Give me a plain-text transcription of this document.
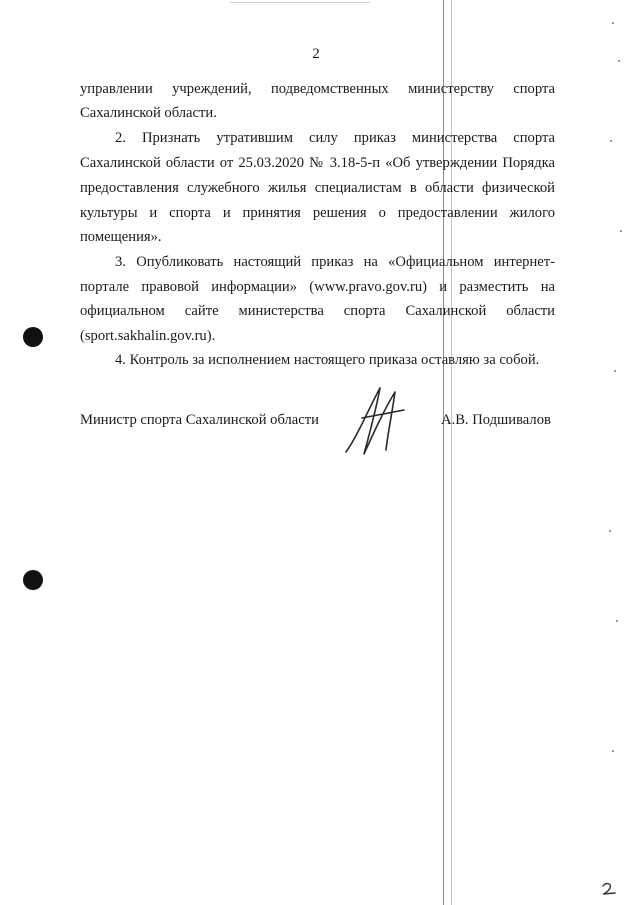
2
управлении учреждений, подведомственных министерству спорта
Сахалинской области.
2. Признать утратившим силу приказ министерства спорта
Сахалинской области от 25.03.2020 № 3.18-5-п «Об утверждении Порядка
предоставления служебного жилья специалистам в области физической
культуры и спорта и принятия решения о предоставлении жилого
помещения».
3. Опубликовать настоящий приказ на «Официальном интернет-
портале правовой информации» (www.pravo.gov.ru) и разместить на
официальном сайте министерства спорта Сахалинской области
(sport.sakhalin.gov.ru).
4. Контроль за исполнением настоящего приказа оставляю за собой.
Министр спорта Сахалинской области	А.В. Подшивалов
